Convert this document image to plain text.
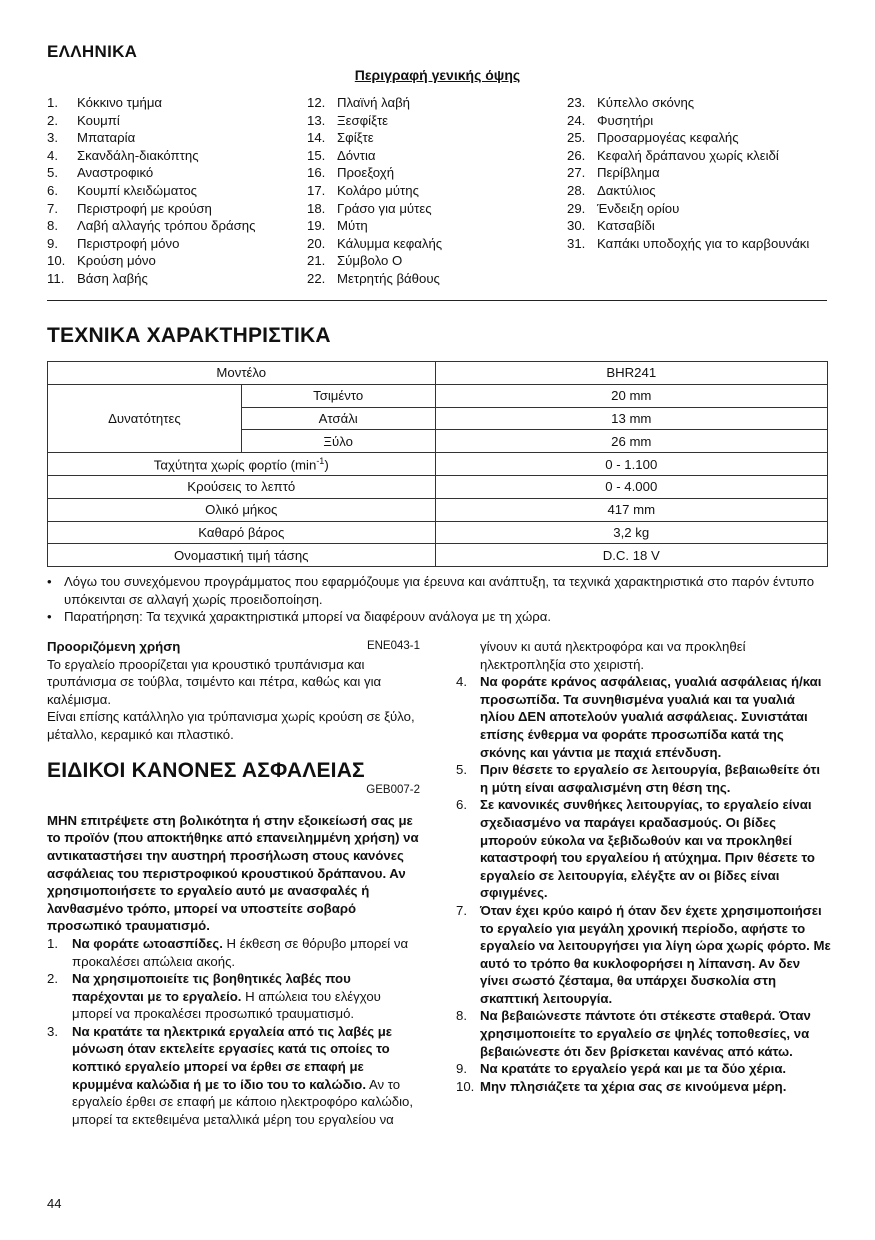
ΕΛΛΗΝΙΚΑ
Περιγραφή γενικής όψης
1.	Κόκκινο τμήμα
2.	Κουμπί
3.	Μπαταρία
4.	Σκανδάλη-διακόπτης
5.	Αναστροφικό
6.	Κουμπί κλειδώματος
7.	Περιστροφή με κρούση
8.	Λαβή αλλαγής τρόπου δράσης
9.	Περιστροφή μόνο
10. Κρούση μόνο
11. Βάση λαβής
12. Πλαϊνή λαβή
13. Ξεσφίξτε
14. Σφίξτε
15. Δόντια
16. Προεξοχή
17. Κολάρο μύτης
18. Γράσο για μύτες
19. Μύτη
20. Κάλυμμα κεφαλής
21. Σύμβολο Ο
22. Μετρητής βάθους
23. Κύπελλο σκόνης
24. Φυσητήρι
25. Προσαρμογέας κεφαλής
26. Κεφαλή δράπανου χωρίς κλειδί
27. Περίβλημα
28. Δακτύλιος
29. Ένδειξη ορίου
30. Κατσαβίδι
31. Καπάκι υποδοχής για το καρβουνάκι
ΤΕΧΝΙΚΑ ΧΑΡΑΚΤΗΡΙΣΤΙΚΑ
Μοντέλο		BHR241
Δυνατότητες	Τσιμέντο	20 mm
	Ατσάλι	13 mm
	Ξύλο	26 mm
Ταχύτητα χωρίς φορτίο $(\min^{-1})$		0 - 1.100
Κρούσεις το λεπτό		0 - 4.000
Ολικό μήκος		417 mm
Καθαρό βάρος		3,2 kg
Ονομαστική τιμή τάσης		D.C. 18 V
• Λόγω του συνεχόμενου προγράμματος που εφαρμόζουμε για έρευνα και ανάπτυξη, τα τεχνικά χαρακτηριστικά στο παρόν έντυπο υπόκεινται σε αλλαγή χωρίς προειδοποίηση.
• Παρατήρηση: Τα τεχνικά χαρακτηριστικά μπορεί να διαφέρουν ανάλογα με τη χώρα.
Προοριζόμενη χρήση	ENE043-1
Το εργαλείο προορίζεται για κρουστικό τρυπάνισμα και τρυπάνισμα σε τούβλα, τσιμέντο και πέτρα, καθώς και για καλέμισμα.
Είναι επίσης κατάλληλο για τρύπανισμα χωρίς κρούση σε ξύλο, μέταλλο, κεραμικό και πλαστικό.
ΕΙΔΙΚΟΙ ΚΑΝΟΝΕΣ ΑΣΦΑΛΕΙΑΣ
GEB007-2
ΜΗΝ επιτρέψετε στη βολικότητα ή στην εξοικείωσή σας με το προϊόν (που αποκτήθηκε από επανειλημμένη χρήση) να αντικαταστήσει την αυστηρή προσήλωση στους κανόνες ασφάλειας του περιστροφικού κρουστικού δράπανου. Αν χρησιμοποιήσετε το εργαλείο αυτό με ανασφαλές ή λανθασμένο τρόπο, μπορεί να υποστείτε σοβαρό προσωπικό τραυματισμό.
1.	Να φοράτε ωτοασπίδες. Η έκθεση σε θόρυβο μπορεί να προκαλέσει απώλεια ακοής.
2.	Να χρησιμοποιείτε τις βοηθητικές λαβές που παρέχονται με το εργαλείο. Η απώλεια του ελέγχου μπορεί να προκαλέσει προσωπικό τραυματισμό.
3.	Να κρατάτε τα ηλεκτρικά εργαλεία από τις λαβές με μόνωση όταν εκτελείτε εργασίες κατά τις οποίες το κοπτικό εργαλείο μπορεί να έρθει σε επαφή με κρυμμένα καλώδια ή με το ίδιο του το καλώδιο. Αν το εργαλείο έρθει σε επαφή με κάποιο ηλεκτροφόρο καλώδιο, μπορεί τα εκτεθειμένα μεταλλικά μέρη του εργαλείου να
γίνουν κι αυτά ηλεκτροφόρα και να προκληθεί ηλεκτροπληξία στο χειριστή.
4. Να φοράτε κράνος ασφάλειας, γυαλιά ασφάλειας ή/και προσωπίδα. Τα συνηθισμένα γυαλιά και τα γυαλιά ηλίου ΔΕΝ αποτελούν γυαλιά ασφάλειας. Συνιστάται επίσης ένθερμα να φοράτε προσωπίδα κατά της σκόνης και γάντια με παχιά επένδυση.
5. Πριν θέσετε το εργαλείο σε λειτουργία, βεβαιωθείτε ότι η μύτη είναι ασφαλισμένη στη θέση της.
6. Σε κανονικές συνθήκες λειτουργίας, το εργαλείο είναι σχεδιασμένο να παράγει κραδασμούς. Οι βίδες μπορούν εύκολα να ξεβιδωθούν και να προκληθεί καταστροφή του εργαλείου ή ατύχημα. Πριν θέσετε το εργαλείο σε λειτουργία, ελέγξτε αν οι βίδες είναι σφιγμένες.
7. Όταν έχει κρύο καιρό ή όταν δεν έχετε χρησιμοποιήσει το εργαλείο για μεγάλη χρονική περίοδο, αφήστε το εργαλείο να λειτουργήσει για λίγη ώρα χωρίς φόρτο. Με αυτό το τρόπο θα κυκλοφορήσει η λίπανση. Αν δεν γίνει σωστό ζέσταμα, θα υπάρχει δυσκολία στη σκαπτική λειτουργία.
8. Να βεβαιώνεστε πάντοτε ότι στέκεστε σταθερά. Όταν χρησιμοποιείτε το εργαλείο σε ψηλές τοποθεσίες, να βεβαιώνεστε ότι δεν βρίσκεται κανένας από κάτω.
9. Να κρατάτε το εργαλείο γερά και με τα δύο χέρια.
10. Μην πλησιάζετε τα χέρια σας σε κινούμενα μέρη.
44
